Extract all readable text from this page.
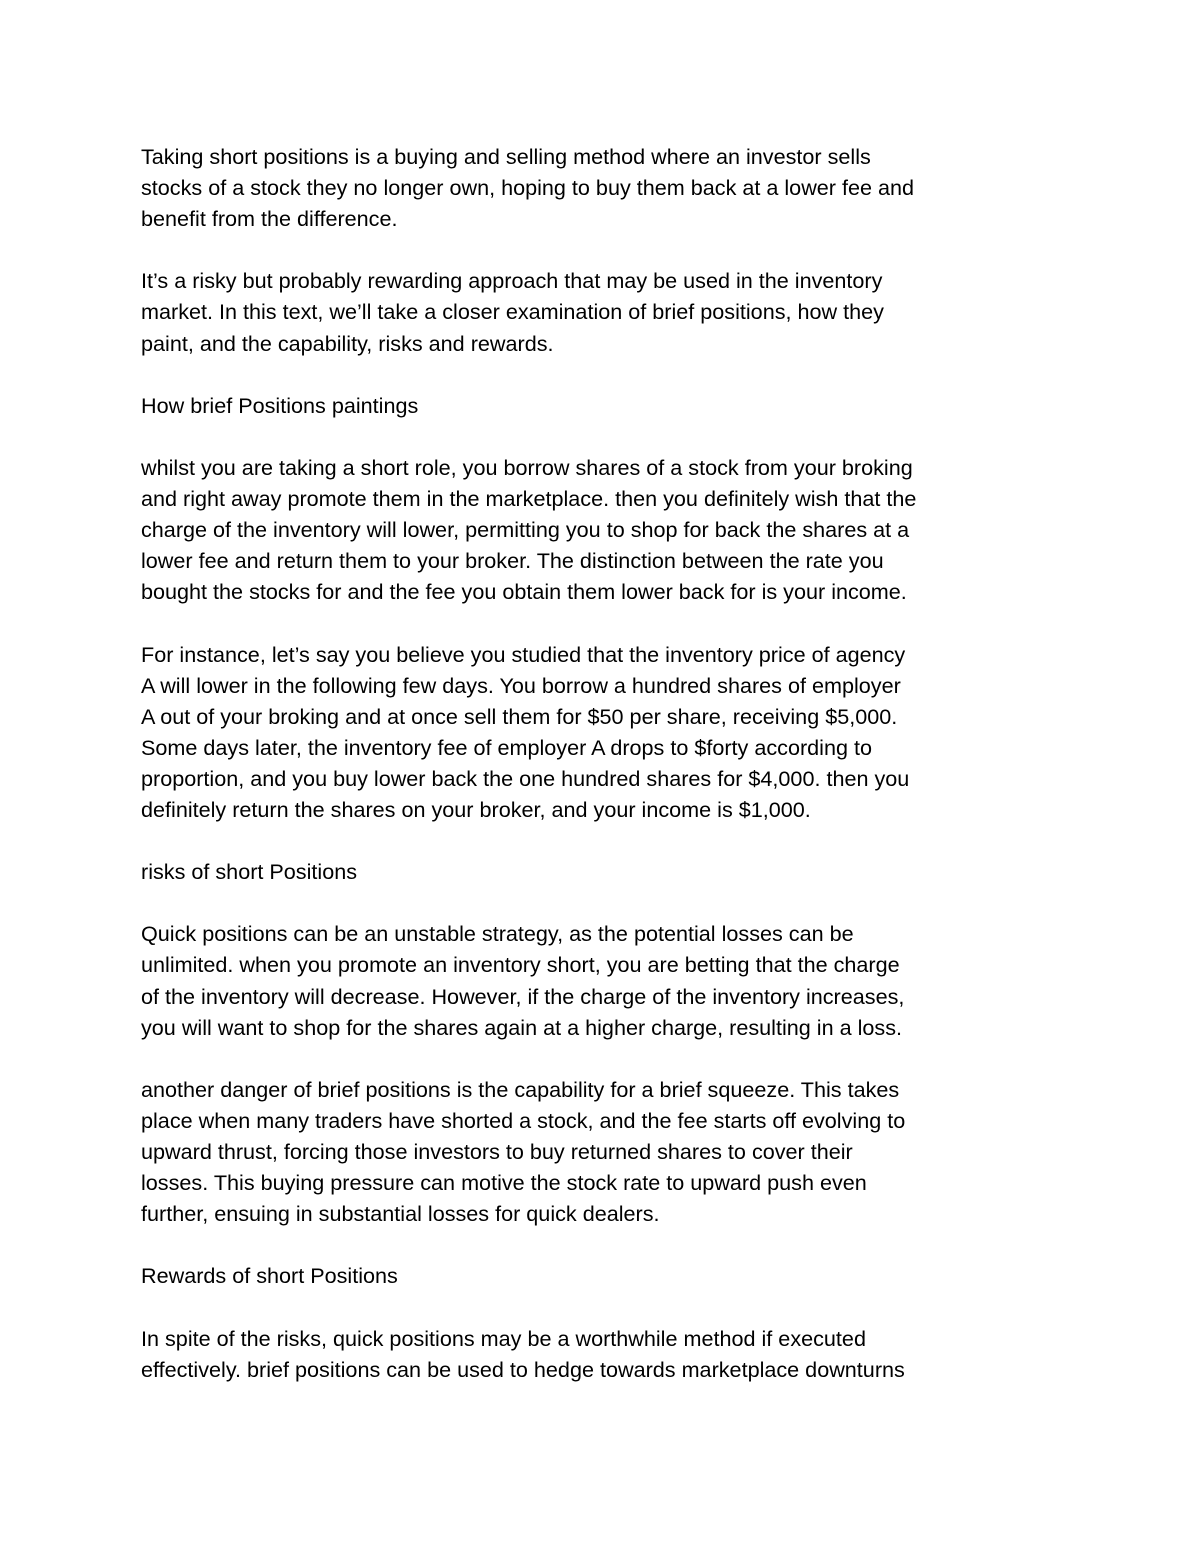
Taking short positions is a buying and selling method where an investor sells
stocks of a stock they no longer own, hoping to buy them back at a lower fee and
benefit from the difference.
It’s a risky but probably rewarding approach that may be used in the inventory
market. In this text, we’ll take a closer examination of brief positions, how they
paint, and the capability, risks and rewards.
How brief Positions paintings
whilst you are taking a short role, you borrow shares of a stock from your broking
and right away promote them in the marketplace. then you definitely wish that the
charge of the inventory will lower, permitting you to shop for back the shares at a
lower fee and return them to your broker. The distinction between the rate you
bought the stocks for and the fee you obtain them lower back for is your income.
For instance, let’s say you believe you studied that the inventory price of agency
A will lower in the following few days. You borrow a hundred shares of employer
A out of your broking and at once sell them for $50 per share, receiving $5,000.
Some days later, the inventory fee of employer A drops to $forty according to
proportion, and you buy lower back the one hundred shares for $4,000. then you
definitely return the shares on your broker, and your income is $1,000.
risks of short Positions
Quick positions can be an unstable strategy, as the potential losses can be
unlimited. when you promote an inventory short, you are betting that the charge
of the inventory will decrease. However, if the charge of the inventory increases,
you will want to shop for the shares again at a higher charge, resulting in a loss.
another danger of brief positions is the capability for a brief squeeze. This takes
place when many traders have shorted a stock, and the fee starts off evolving to
upward thrust, forcing those investors to buy returned shares to cover their
losses. This buying pressure can motive the stock rate to upward push even
further, ensuing in substantial losses for quick dealers.
Rewards of short Positions
In spite of the risks, quick positions may be a worthwhile method if executed
effectively. brief positions can be used to hedge towards marketplace downturns
